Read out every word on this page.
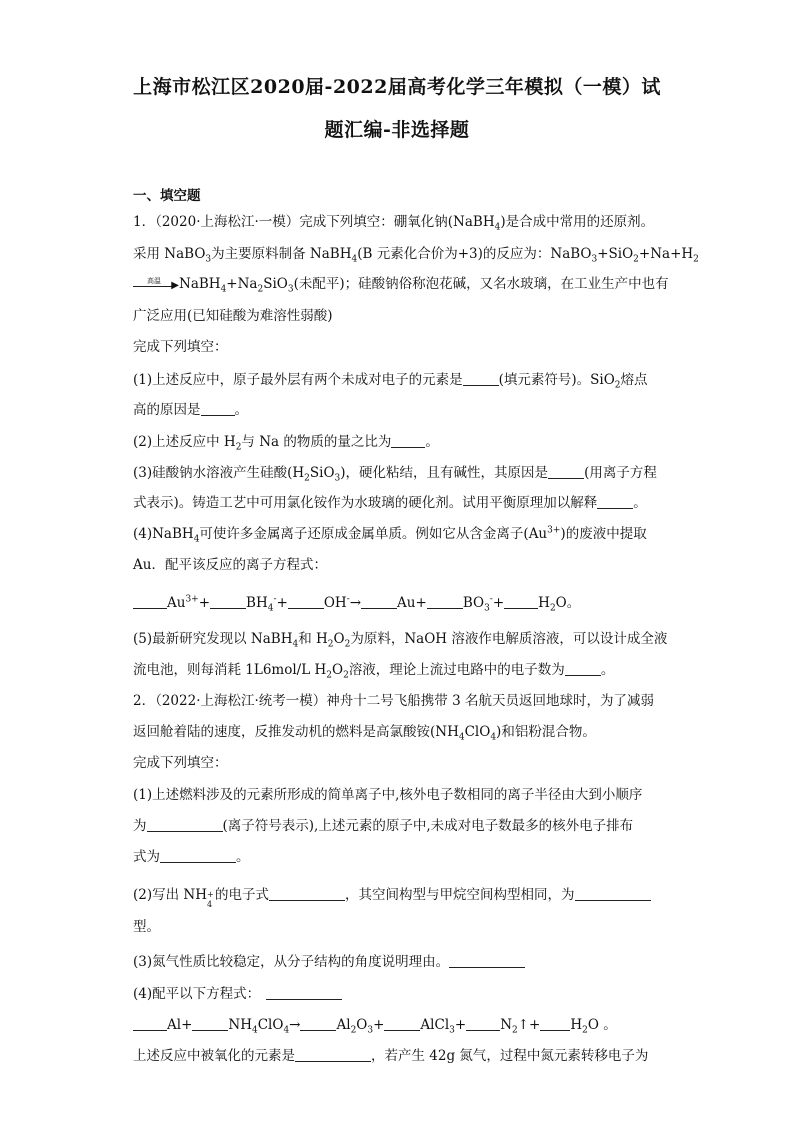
上海市松江区2020届-2022届高考化学三年模拟（一模）试
题汇编-非选择题
一、填空题
1．（2020·上海松江·一模）完成下列填空：硼氧化钠(NaBH$_4$)是合成中常用的还原剂。
采用 NaBO$_3$为主要原料制备 NaBH$_4$(B 元素化合价为+3)的反应为：$NaBO_3+SiO_2+Na+H_2$
高温 ▶ $NaBH_4+Na_2SiO_3$(未配平)；硅酸钠俗称泡花碱，又名水玻璃，在工业生产中也有
广泛应用(已知硅酸为难溶性弱酸)
完成下列填空：
(1)上述反应中，原子最外层有两个未成对电子的元素是	(填元素符号)。SiO$_2$熔点
高的原因是	。
(2)上述反应中 $H_2$与 Na 的物质的量之比为	。
(3)硅酸钠水溶液产生硅酸$(H_2SiO_3)$，硬化粘结，且有碱性，其原因是	(用离子方程
式表示)。铸造工艺中可用氯化铵作为水玻璃的硬化剂。试用平衡原理加以解释	。
(4)NaBH$_4$可使许多金属离子还原成金属单质。例如它从含金离子$(Au^{3+})$的废液中提取
Au．配平该反应的离子方程式：
$Au^{3+}+$	$BH_4^-+$	OH-→	Au+	$BO_3^-+$	$H_2O$。
(5)最新研究发现以 NaBH$_4$和 $H_2O_2$为原料，NaOH 溶液作电解质溶液，可以设计成全液
流电池，则每消耗 1L6mol/L $H_2O_2$溶液，理论上流过电路中的电子数为	。
2．（2022·上海松江·统考一模）神舟十二号飞船携带 3 名航天员返回地球时，为了减弱
返回舱着陆的速度，反推发动机的燃料是高氯酸铵$(NH_4ClO_4)$和铝粉混合物。
完成下列填空：
(1)上述燃料涉及的元素所形成的简单离子中,核外电子数相同的离子半径由大到小顺序
为	(离子符号表示),上述元素的原子中,未成对电子数最多的核外电子排布
式为	。
(2)写出 NH +
4
的电子式	，其空间构型与甲烷空间构型相同，为
型。
(3)氮气性质比较稳定，从分子结构的角度说明理由。
(4)配平以下方程式：
Al+	$NH_4ClO_4\to$	$Al_2O_3+$	AlCl$_3$+	$N_2↑+ H_2O$ 。
上述反应中被氧化的元素是	，若产生 42g 氮气，过程中氮元素转移电子为
